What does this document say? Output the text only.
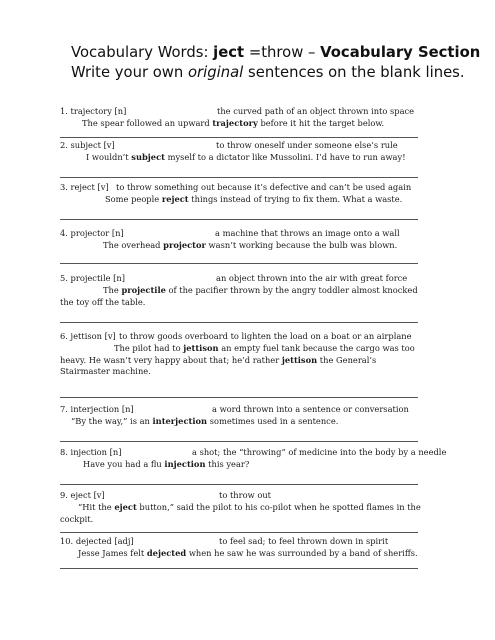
Vocabulary Words: ject =throw – Vocabulary Section
Write your own original sentences on the blank lines.
1. trajectory [n]	the curved path of an object thrown into space
The spear followed an upward trajectory before it hit the target below.
2. subject [v]	to throw oneself under someone else’s rule
I wouldn’t subject myself to a dictator like Mussolini. I’d have to run away!
3. reject [v] to throw something out because it’s defective and can’t be used again
Some people reject things instead of trying to fix them. What a waste.
4. projector [n]	a machine that throws an image onto a wall
The overhead projector wasn’t working because the bulb was blown.
5. projectile [n]	an object thrown into the air with great force
The projectile of the pacifier thrown by the angry toddler almost knocked the toy off the table.
6. jettison [v] to throw goods overboard to lighten the load on a boat or an airplane
The pilot had to jettison an empty fuel tank because the cargo was too heavy. He wasn’t very happy about that; he’d rather jettison the General’s Stairmaster machine.
7. interjection [n]	a word thrown into a sentence or conversation
“By the way,” is an interjection sometimes used in a sentence.
8. injection [n]	a shot; the “throwing” of medicine into the body by a needle
Have you had a flu injection this year?
9. eject [v]	to throw out
“Hit the eject button,” said the pilot to his co-pilot when he spotted flames in the cockpit.
10. dejected [adj]	to feel sad; to feel thrown down in spirit
Jesse James felt dejected when he saw he was surrounded by a band of sheriffs.
